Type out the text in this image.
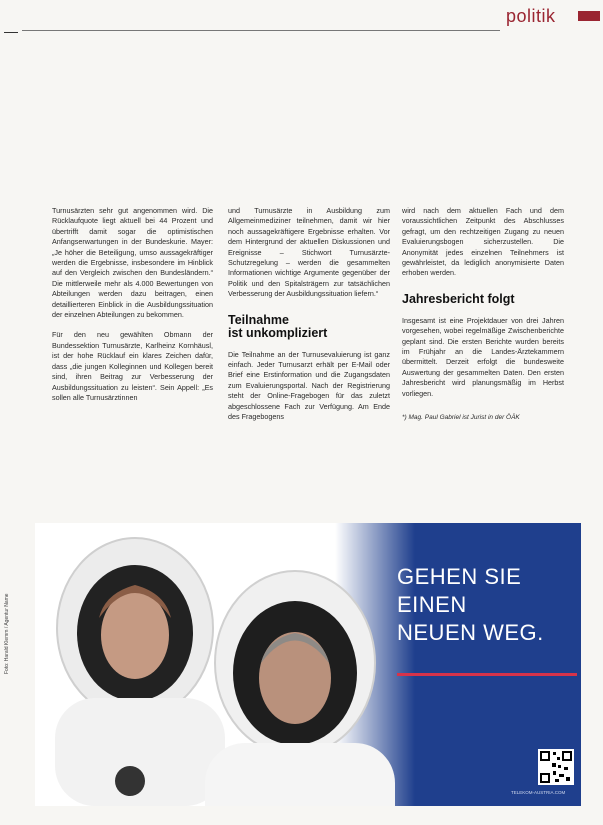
politik

Turnusärzten sehr gut angenommen wird. Die Rücklaufquote liegt aktuell bei 44 Prozent und übertrifft damit sogar die optimistischen Anfangserwartungen in der Bundeskurie. Mayer: „Je höher die Beteiligung, umso aussagekräftiger werden die Ergebnisse, insbesondere im Hinblick auf den Vergleich zwischen den Bundesländern.“ Die mittlerweile mehr als 4.000 Bewertungen von Abteilungen werden dazu beitragen, einen detaillierteren Einblick in die Ausbildungssituation der einzelnen Abteilungen zu bekommen.

Für den neu gewählten Obmann der Bundessektion Turnusärzte, Karlheinz Kornhäusl, ist der hohe Rücklauf ein klares Zeichen dafür, dass „die jungen Kolleginnen und Kollegen bereit sind, ihren Beitrag zur Verbesserung der Ausbildungssituation zu leisten“. Sein Appell: „Es sollen alle Turnusärztinnen

und Turnusärzte in Ausbildung zum Allgemeinmediziner teilnehmen, damit wir hier noch aussagekräftigere Ergebnisse erhalten. Vor dem Hintergrund der aktuellen Diskussionen und Ereignisse – Stichwort Turnusärzte-Schutzregelung – werden die gesammelten Informationen wichtige Argumente gegenüber der Politik und den Spitalsträgern zur tatsächlichen Verbesserung der Ausbildungssituation liefern.“

Teilnahme
ist unkompliziert

Die Teilnahme an der Turnusevaluierung ist ganz einfach. Jeder Turnusarzt erhält per E-Mail oder Brief eine Erstinformation und die Zugangsdaten zum Evaluierungsportal. Nach der Registrierung steht der Online-Fragebogen für das zuletzt abgeschlossene Fach zur Verfügung. Am Ende des Fragebogens

wird nach dem aktuellen Fach und dem voraussichtlichen Zeitpunkt des Abschlusses gefragt, um den rechtzeitigen Zugang zu neuen Evaluierungsbogen sicherzustellen. Die Anonymität jedes einzelnen Teilnehmers ist gewährleistet, da lediglich anonymisierte Daten erhoben werden.

Jahresbericht folgt

Insgesamt ist eine Projektdauer von drei Jahren vorgesehen, wobei regelmäßige Zwischenberichte geplant sind. Die ersten Berichte wurden bereits im Frühjahr an die Landes-Ärztekammern übermittelt. Derzeit erfolgt die bundesweite Auswertung der gesammelten Daten. Den ersten Jahresbericht wird planungsmäßig im Herbst vorliegen.

*) Mag. Paul Gabriel ist Jurist in der ÖÄK
Foto: Harald Klemm / Agentur Name
GEHEN SIE
EINEN
NEUEN WEG.
TELEKOM-AUSTRIA.COM
